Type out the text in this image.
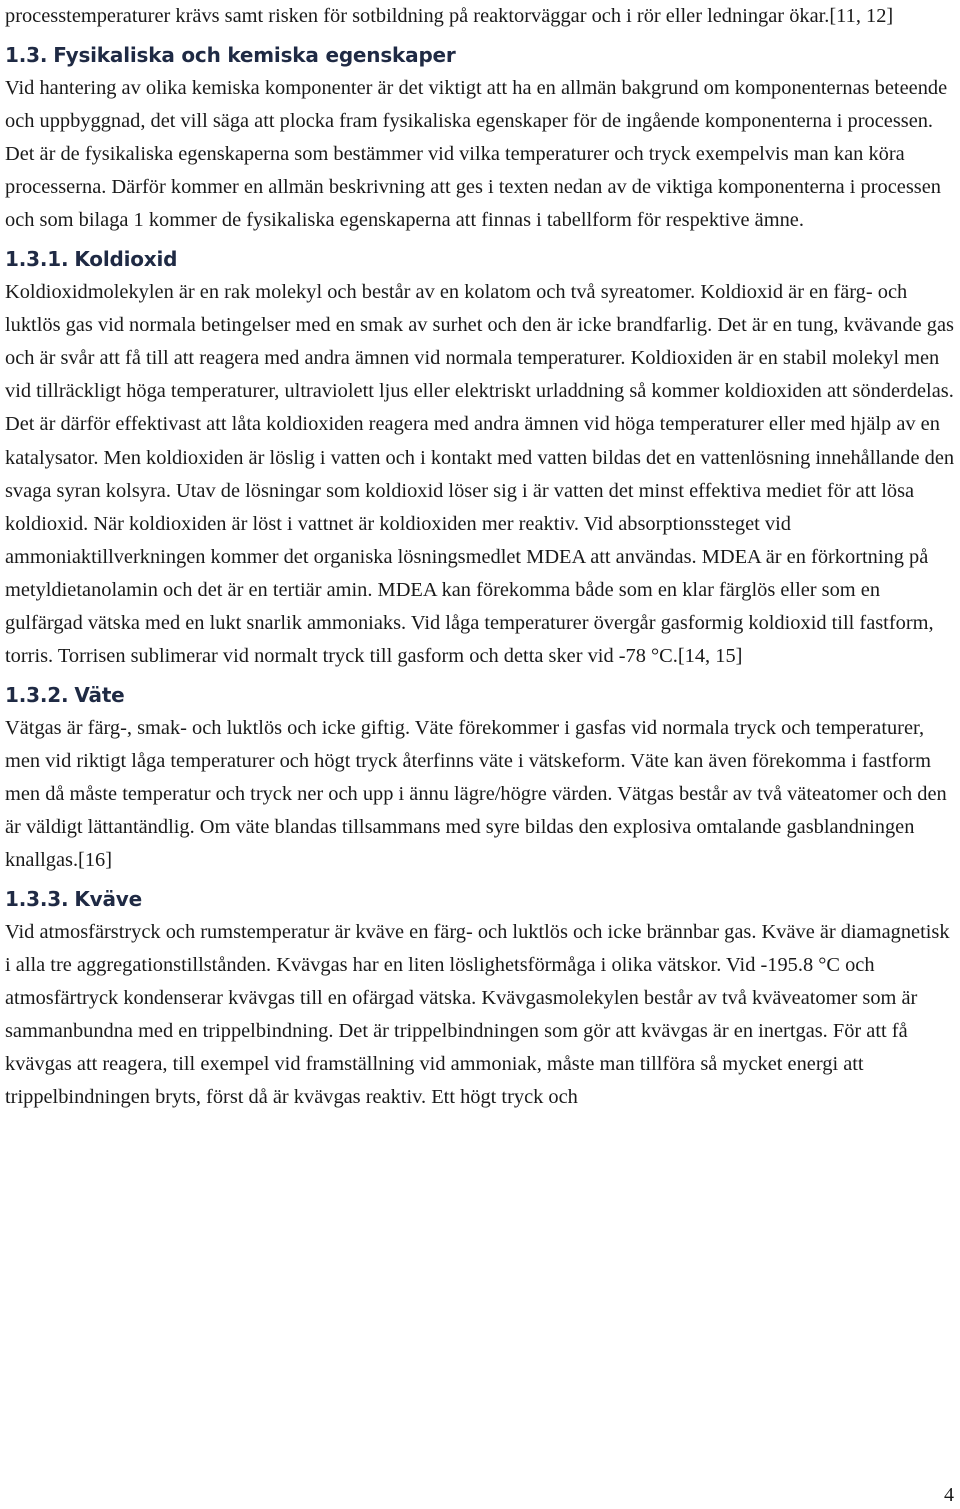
processtemperaturer krävs samt risken för sotbildning på reaktorväggar och i rör eller ledningar ökar.[11, 12]

1.3. Fysikaliska och kemiska egenskaper

Vid hantering av olika kemiska komponenter är det viktigt att ha en allmän bakgrund om komponenternas beteende och uppbyggnad, det vill säga att plocka fram fysikaliska egenskaper för de ingående komponenterna i processen. Det är de fysikaliska egenskaperna som bestämmer vid vilka temperaturer och tryck exempelvis man kan köra processerna. Därför kommer en allmän beskrivning att ges i texten nedan av de viktiga komponenterna i processen och som bilaga 1 kommer de fysikaliska egenskaperna att finnas i tabellform för respektive ämne.

1.3.1. Koldioxid

Koldioxidmolekylen är en rak molekyl och består av en kolatom och två syreatomer. Koldioxid är en färg- och luktlös gas vid normala betingelser med en smak av surhet och den är icke brandfarlig. Det är en tung, kvävande gas och är svår att få till att reagera med andra ämnen vid normala temperaturer. Koldioxiden är en stabil molekyl men vid tillräckligt höga temperaturer, ultraviolett ljus eller elektriskt urladdning så kommer koldioxiden att sönderdelas. Det är därför effektivast att låta koldioxiden reagera med andra ämnen vid höga temperaturer eller med hjälp av en katalysator. Men koldioxiden är löslig i vatten och i kontakt med vatten bildas det en vattenlösning innehållande den svaga syran kolsyra. Utav de lösningar som koldioxid löser sig i är vatten det minst effektiva mediet för att lösa koldioxid. När koldioxiden är löst i vattnet är koldioxiden mer reaktiv. Vid absorptionssteget vid ammoniaktillverkningen kommer det organiska lösningsmedlet MDEA att användas. MDEA är en förkortning på metyldietanolamin och det är en tertiär amin. MDEA kan förekomma både som en klar färglös eller som en gulfärgad vätska med en lukt snarlik ammoniaks. Vid låga temperaturer övergår gasformig koldioxid till fastform, torris. Torrisen sublimerar vid normalt tryck till gasform och detta sker vid -78 °C.[14, 15]

1.3.2. Väte

Vätgas är färg-, smak- och luktlös och icke giftig. Väte förekommer i gasfas vid normala tryck och temperaturer, men vid riktigt låga temperaturer och högt tryck återfinns väte i vätskeform. Väte kan även förekomma i fastform men då måste temperatur och tryck ner och upp i ännu lägre/högre värden. Vätgas består av två väteatomer och den är väldigt lättantändlig. Om väte blandas tillsammans med syre bildas den explosiva omtalande gasblandningen knallgas.[16]

1.3.3. Kväve

Vid atmosfärstryck och rumstemperatur är kväve en färg- och luktlös och icke brännbar gas. Kväve är diamagnetisk i alla tre aggregationstillstånden. Kvävgas har en liten löslighetsförmåga i olika vätskor. Vid -195.8 °C och atmosfärtryck kondenserar kvävgas till en ofärgad vätska. Kvävgasmolekylen består av två kväveatomer som är sammanbundna med en trippelbindning. Det är trippelbindningen som gör att kvävgas är en inertgas. För att få kvävgas att reagera, till exempel vid framställning vid ammoniak, måste man tillföra så mycket energi att trippelbindningen bryts, först då är kvävgas reaktiv. Ett högt tryck och

4
